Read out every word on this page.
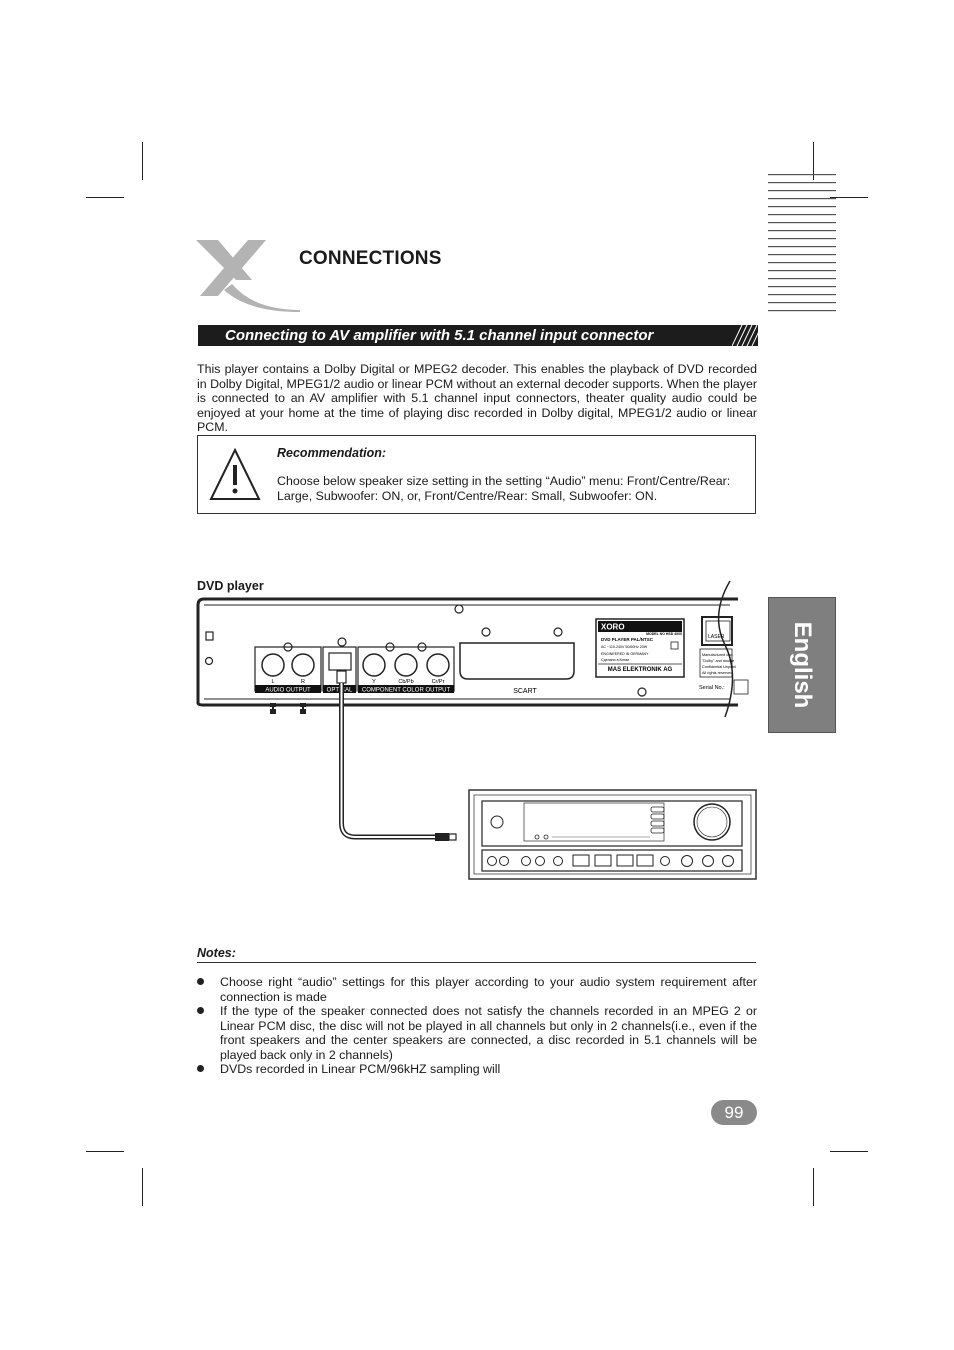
CONNECTIONS
Connecting to AV amplifier with 5.1 channel input connector
This player contains a Dolby Digital or MPEG2 decoder. This enables the playback of DVD recorded in Dolby Digital, MPEG1/2 audio or linear PCM without an external decoder supports. When the player is connected to an AV amplifier with 5.1 channel input connectors, theater quality audio could be enjoyed at your home at the time of playing disc recorded in Dolby digital, MPEG1/2 audio or linear PCM.
Recommendation:
Choose below speaker size setting in the setting “Audio” menu: Front/Centre/Rear: Large, Subwoofer: ON, or, Front/Centre/Rear: Small, Subwoofer: ON.
DVD player
L	R
AUDIO OUTPUT	OPTICAL
Y	Cb/Pb	Cr/Pr
COMPONENT COLOR OUTPUT	SCART
XORO
MODEL NO HSD 4000
DVD PLAYER PAL/NTSC
AC ~110-240V 50/60Hz 20W
ENGINEERED IN GERMANY
Сделано в Китае
MAS ELEKTRONIK AG
LASER
Manufactured und
"Dolby" and double
Confidential Unpubli
All rights reserved.
Serial No.:
Notes:

Choose right “audio” settings for this player according to your audio system requirement after connection is made

If the type of the speaker connected does not satisfy the channels recorded in an MPEG 2 or Linear PCM disc, the disc will not be played in all channels but only in 2 channels(i.e., even if the front speakers and the center speakers are connected, a disc recorded in 5.1 channels will be played back only in 2 channels)

DVDs recorded in Linear PCM/96kHZ sampling will

99
English
